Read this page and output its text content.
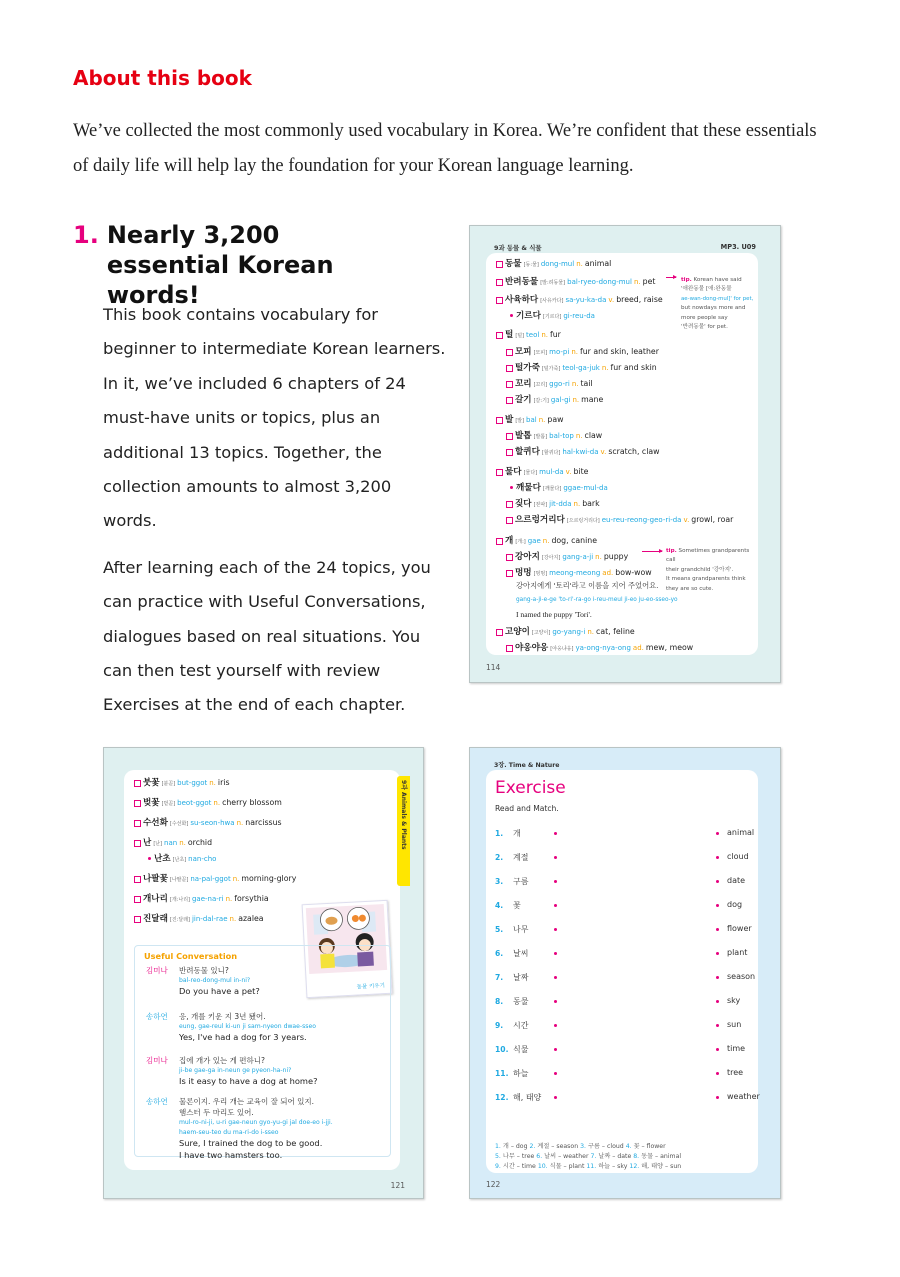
About this book
We’ve collected the most commonly used vocabulary in Korea. We’re confident that these essentials of daily life will help lay the foundation for your Korean language learning.
1. Nearly 3,200 essential Korean words!

This book contains vocabulary for beginner to intermediate Korean learners. In it, we’ve included 6 chapters of 24 must-have units or topics, plus an additional 13 topics. Together, the collection amounts to almost 3,200 words.

After learning each of the 24 topics, you can practice with Useful Conversations, dialogues based on real situations. You can then test yourself with review Exercises at the end of each chapter.

9과 동물 & 식물	MP3. U09
동물 [동:물] dong-mul n. animal
반려동물 [발:려동물] bal-ryeo-dong-mul n. pet
사육하다 [사유카다] sa-yu-ka-da v. breed, raise
기르다 [기르다] gi-reu-da
털 [털] teol n. fur
모피 [모피] mo-pi n. fur and skin, leather
털가죽 [털가죽] teol-ga-juk n. fur and skin
꼬리 [꼬리] ggo-ri n. tail
갈기 [갈:기] gal-gi n. mane
발 [발] bal n. paw
발톱 [발톱] bal-top n. claw
할퀴다 [할퀴다] hal-kwi-da v. scratch, claw
물다 [물다] mul-da v. bite
깨물다 [깨물다] ggae-mul-da
짖다 [짇따] jit-dda n. bark
으르렁거리다 [으르렁거리다] eu-reu-reong-geo-ri-da v. growl, roar
개 [개:] gae n. dog, canine
강아지 [강아지] gang-a-ji n. puppy
멍멍 [멍멍] meong-meong ad. bow-wow
강아지에게 '토리'라고 이름을 지어 주었어요.
gang-a-ji-e-ge 'to-ri'-ra-go i-reu-meul ji-eo ju-eo-sseo-yo
I named the puppy 'Tori'.
고양이 [고양이] go-yang-i n. cat, feline
야옹야옹 [야옹냐옹] ya-ong-nya-ong ad. mew, meow
tip. Korean have said
'애완동물 [애:완동물
ae-wan-dong-mul]' for pet,
but nowdays more and
more people say
'반려동물' for pet.

tip. Sometimes grandparents call
their grandchild '강아지'.
It means grandparents think
they are so cute.

114
붓꽃 [붇꼳] but-ggot n. iris
벚꽃 [벋꼳] beot-ggot n. cherry blossom
수선화 [수선화] su-seon-hwa n. narcissus
난 [난] nan n. orchid
난초 [난초] nan-cho
나팔꽃 [나팔꼳] na-pal-ggot n. morning-glory
개나리 [개:나리] gae-na-ri n. forsythia
진달래 [진:달래] jin-dal-rae n. azalea
동물 키우기
Useful Conversation
김미나 반려동물 있니?
bal-reo-dong-mul in-ni?
Do you have a pet?
송하연 응, 개를 키운 지 3년 됐어.
eung, gae-reul ki-un ji sam-nyeon dwae-sseo
Yes, I've had a dog for 3 years.
김미나 집에 개가 있는 게 편하니?
ji-be gae-ga in-neun ge pyeon-ha-ni?
Is it easy to have a dog at home?
송하연 물론이지. 우리 개는 교육이 잘 되어 있지.
햄스터 두 마리도 있어.
mul-ro-ni-ji, u-ri gae-neun gyo-yu-gi jal doe-eo i-jji.
haem-seu-teo du ma-ri-do i-sseo
Sure, I trained the dog to be good.
I have two hamsters too.
9과 Animals & Plants
121
3장. Time & Nature
Exercise
Read and Match.
1. 개	animal
2. 계절	cloud
3. 구름	date
4. 꽃	dog
5. 나무	flower
6. 날씨	plant
7. 날짜	season
8. 동물	sky
9. 시간	sun
10. 식물	time
11. 하늘	tree
12. 해, 태양	weather
1. 개 – dog 2. 계절 – season 3. 구름 – cloud 4. 꽃 – flower
5. 나무 – tree 6. 날씨 – weather 7. 날짜 – date 8. 동물 – animal
9. 시간 – time 10. 식물 – plant 11. 하늘 – sky 12. 해, 태양 – sun
122
